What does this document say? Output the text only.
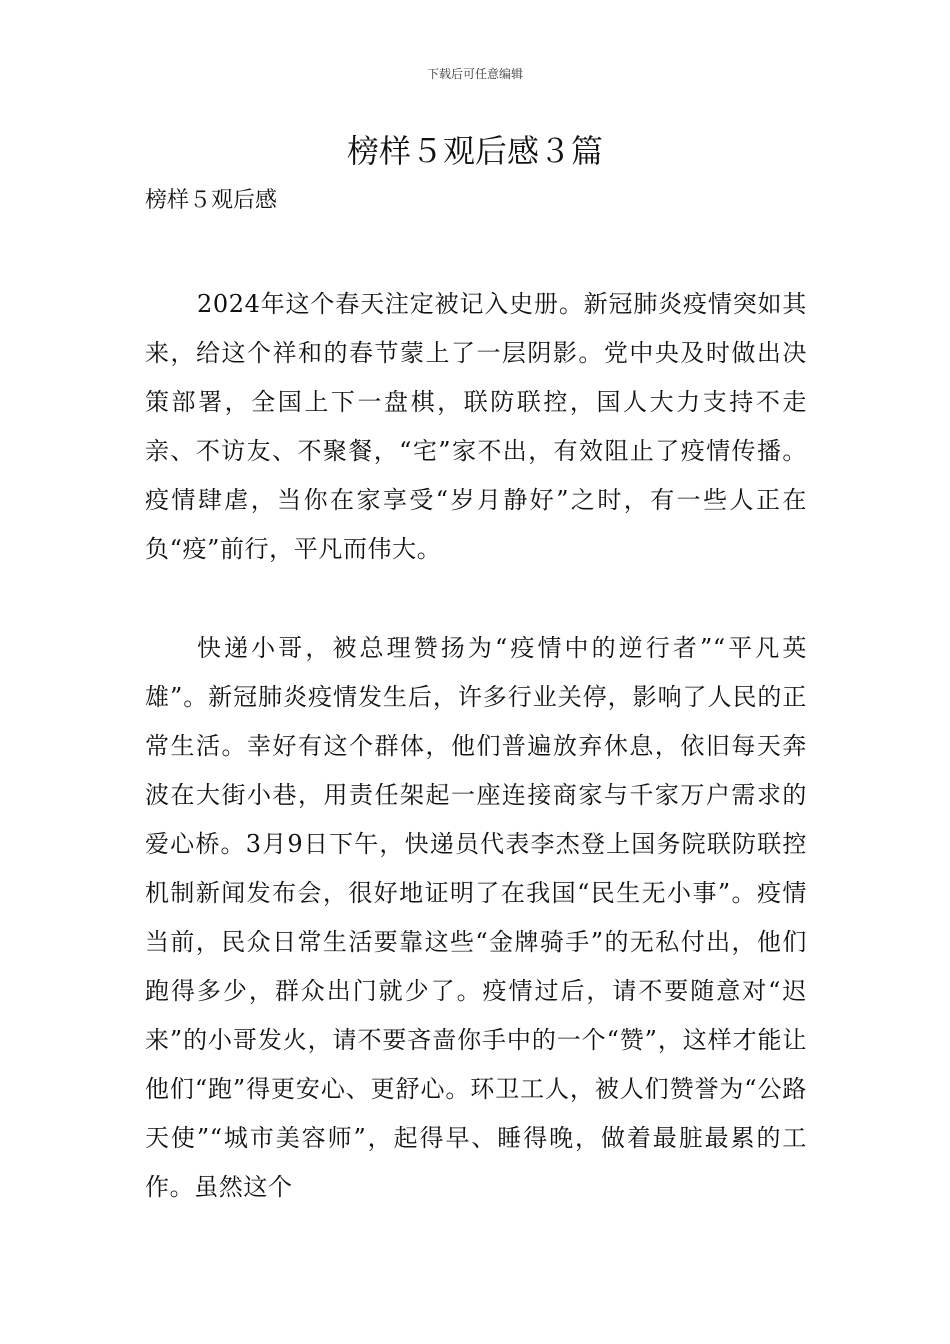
下载后可任意编辑
榜样５观后感３篇
榜样５观后感

2024年这个春天注定被记入史册。新冠肺炎疫情突如其来，给这个祥和的春节蒙上了一层阴影。党中央及时做出决策部署，全国上下一盘棋，联防联控，国人大力支持不走亲、不访友、不聚餐，“宅”家不出，有效阻止了疫情传播。疫情肆虐，当你在家享受“岁月静好”之时，有一些人正在负“疫”前行，平凡而伟大。

快递小哥，被总理赞扬为“疫情中的逆行者”“平凡英雄”。新冠肺炎疫情发生后，许多行业关停，影响了人民的正常生活。幸好有这个群体，他们普遍放弃休息，依旧每天奔波在大街小巷，用责任架起一座连接商家与千家万户需求的爱心桥。3月9日下午，快递员代表李杰登上国务院联防联控机制新闻发布会，很好地证明了在我国“民生无小事”。疫情当前，民众日常生活要靠这些“金牌骑手”的无私付出，他们跑得多少，群众出门就少了。疫情过后，请不要随意对“迟来”的小哥发火，请不要吝啬你手中的一个“赞”，这样才能让他们“跑”得更安心、更舒心。环卫工人，被人们赞誉为“公路天使”“城市美容师”，起得早、睡得晚，做着最脏最累的工作。虽然这个
